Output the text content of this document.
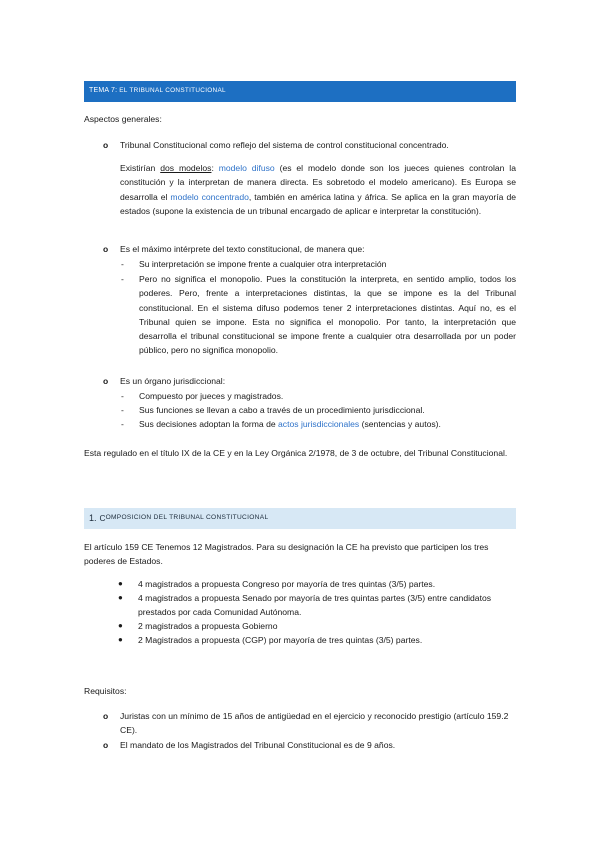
TEMA 7: EL TRIBUNAL CONSTITUCIONAL
Aspectos generales:
o Tribunal Constitucional como reflejo del sistema de control constitucional concentrado.
Existirían dos modelos: modelo difuso (es el modelo donde son los jueces quienes controlan la constitución y la interpretan de manera directa. Es sobretodo el modelo americano). Es Europa se desarrolla el modelo concentrado, también en américa latina y áfrica. Se aplica en la gran mayoría de estados (supone la existencia de un tribunal encargado de aplicar e interpretar la constitución).
o Es el máximo intérprete del texto constitucional, de manera que:
- Su interpretación se impone frente a cualquier otra interpretación
- Pero no significa el monopolio. Pues la constitución la interpreta, en sentido amplio, todos los poderes. Pero, frente a interpretaciones distintas, la que se impone es la del Tribunal constitucional. En el sistema difuso podemos tener 2 interpretaciones distintas. Aquí no, es el Tribunal quien se impone. Esta no significa el monopolio. Por tanto, la interpretación que desarrolla el tribunal constitucional se impone frente a cualquier otra desarrollada por un poder público, pero no significa monopolio.
o Es un órgano jurisdiccional:
- Compuesto por jueces y magistrados.
- Sus funciones se llevan a cabo a través de un procedimiento jurisdiccional.
- Sus decisiones adoptan la forma de actos jurisdiccionales (sentencias y autos).
Esta regulado en el título IX de la CE y en la Ley Orgánica 2/1978, de 3 de octubre, del Tribunal Constitucional.
1. C OMPOSICION DEL TRIBUNAL CONSTITUCIONAL
El artículo 159 CE Tenemos 12 Magistrados. Para su designación la CE ha previsto que participen los tres poderes de Estados.
● 4 magistrados a propuesta Congreso por mayoría de tres quintas (3/5) partes.
● 4 magistrados a propuesta Senado por mayoría de tres quintas partes (3/5) entre candidatos prestados por cada Comunidad Autónoma.
● 2 magistrados a propuesta Gobierno
● 2 Magistrados a propuesta (CGP) por mayoría de tres quintas (3/5) partes.
Requisitos:
o Juristas con un mínimo de 15 años de antigüedad en el ejercicio y reconocido prestigio (artículo 159.2 CE).
o El mandato de los Magistrados del Tribunal Constitucional es de 9 años.
